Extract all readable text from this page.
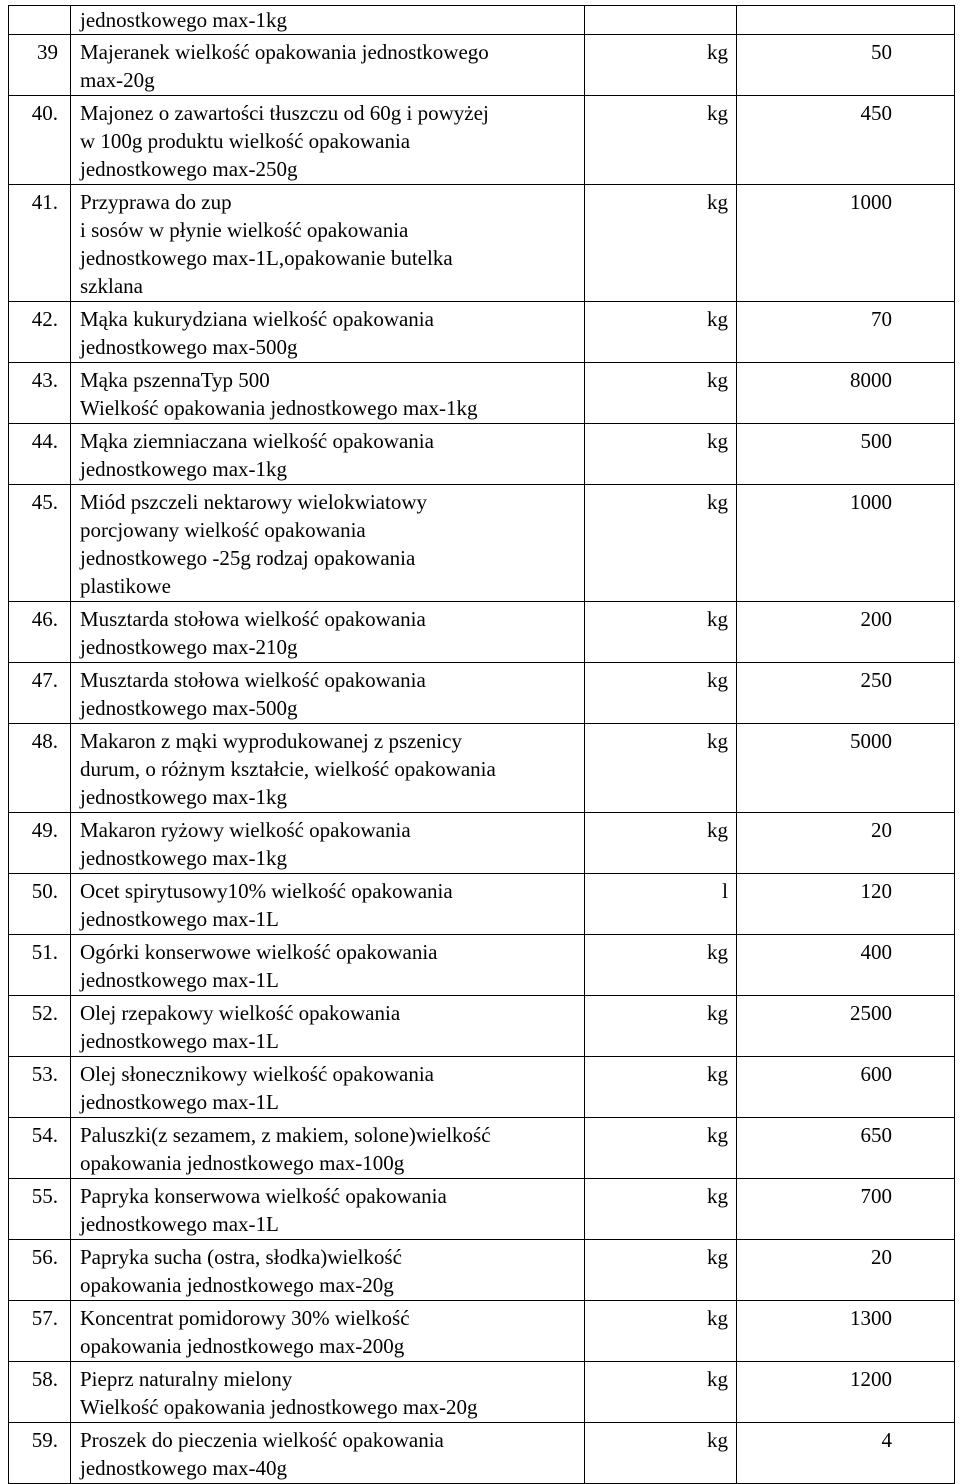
	jednostkowego max-1kg		
39	Majeranek wielkość opakowania jednostkowego
max-20g	kg	50
40.	Majonez o zawartości tłuszczu od 60g i powyżej
w 100g produktu wielkość opakowania
jednostkowego max-250g	kg	450
41.	Przyprawa do zup
i sosów w płynie wielkość opakowania
jednostkowego max-1L,opakowanie butelka
szklana	kg	1000
42.	Mąka kukurydziana wielkość opakowania
jednostkowego max-500g	kg	70
43.	Mąka pszennaTyp 500
Wielkość opakowania jednostkowego max-1kg	kg	8000
44.	Mąka ziemniaczana wielkość opakowania
jednostkowego max-1kg	kg	500
45.	Miód pszczeli nektarowy wielokwiatowy
porcjowany wielkość opakowania
jednostkowego -25g rodzaj opakowania
plastikowe	kg	1000
46.	Musztarda stołowa wielkość opakowania
jednostkowego max-210g	kg	200
47.	Musztarda stołowa wielkość opakowania
jednostkowego max-500g	kg	250
48.	Makaron z mąki wyprodukowanej z pszenicy
durum, o różnym kształcie, wielkość opakowania
jednostkowego max-1kg	kg	5000
49.	Makaron ryżowy wielkość opakowania
jednostkowego max-1kg	kg	20
50.	Ocet spirytusowy10% wielkość opakowania
jednostkowego max-1L	l	120
51.	Ogórki konserwowe wielkość opakowania
jednostkowego max-1L	kg	400
52.	Olej rzepakowy wielkość opakowania
jednostkowego max-1L	kg	2500
53.	Olej słonecznikowy wielkość opakowania
jednostkowego max-1L	kg	600
54.	Paluszki(z sezamem, z makiem, solone)wielkość
opakowania jednostkowego max-100g	kg	650
55.	Papryka konserwowa wielkość opakowania
jednostkowego max-1L	kg	700
56.	Papryka sucha (ostra, słodka)wielkość
opakowania jednostkowego max-20g	kg	20
57.	Koncentrat pomidorowy 30% wielkość
opakowania jednostkowego max-200g	kg	1300
58.	Pieprz naturalny mielony
Wielkość opakowania jednostkowego max-20g	kg	1200
59.	Proszek do pieczenia wielkość opakowania
jednostkowego max-40g	kg	4
